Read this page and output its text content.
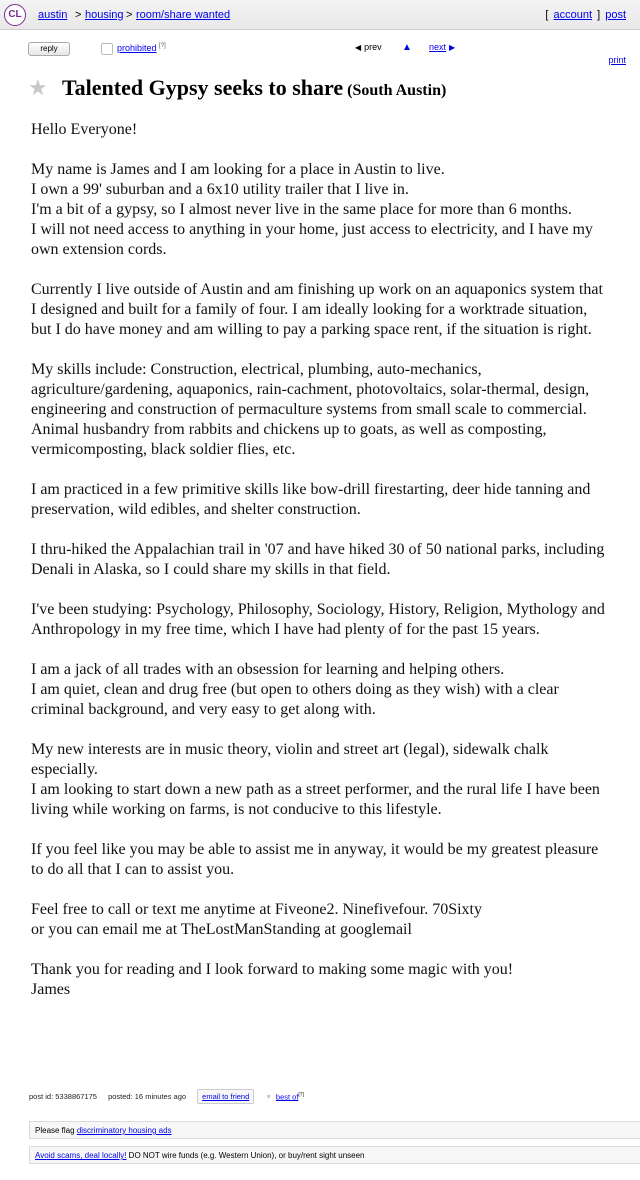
CL	austin > housing > room/share wanted	[ account ] post
reply	prohibited [?]	◀ prev ▲ next ▶
print
★ Talented Gypsy seeks to share (South Austin)

Hello Everyone!

My name is James and I am looking for a place in Austin to live.
I own a 99' suburban and a 6x10 utility trailer that I live in.
I'm a bit of a gypsy, so I almost never live in the same place for more than 6 months.
I will not need access to anything in your home, just access to electricity, and I have my own extension cords.

Currently I live outside of Austin and am finishing up work on an aquaponics system that I designed and built for a family of four. I am ideally looking for a worktrade situation, but I do have money and am willing to pay a parking space rent, if the situation is right.

My skills include: Construction, electrical, plumbing, auto-mechanics, agriculture/gardening, aquaponics, rain-cachment, photovoltaics, solar-thermal, design, engineering and construction of permaculture systems from small scale to commercial. Animal husbandry from rabbits and chickens up to goats, as well as composting, vermicomposting, black soldier flies, etc.

I am practiced in a few primitive skills like bow-drill firestarting, deer hide tanning and preservation, wild edibles, and shelter construction.

I thru-hiked the Appalachian trail in '07 and have hiked 30 of 50 national parks, including Denali in Alaska, so I could share my skills in that field.

I've been studying: Psychology, Philosophy, Sociology, History, Religion, Mythology and Anthropology in my free time, which I have had plenty of for the past 15 years.

I am a jack of all trades with an obsession for learning and helping others.
I am quiet, clean and drug free (but open to others doing as they wish) with a clear criminal background, and very easy to get along with.

My new interests are in music theory, violin and street art (legal), sidewalk chalk especially.
I am looking to start down a new path as a street performer, and the rural life I have been living while working on farms, is not conducive to this lifestyle.

If you feel like you may be able to assist me in anyway, it would be my greatest pleasure to do all that I can to assist you.

Feel free to call or text me anytime at Fiveone2. Ninefivefour. 70Sixty
or you can email me at TheLostManStanding at googlemail

Thank you for reading and I look forward to making some magic with you!
James

post id: 5338867175 posted: 16 minutes ago email to friend ♥ best of[?]
Please flag discriminatory housing ads
Avoid scams, deal locally! DO NOT wire funds (e.g. Western Union), or buy/rent sight unseen
